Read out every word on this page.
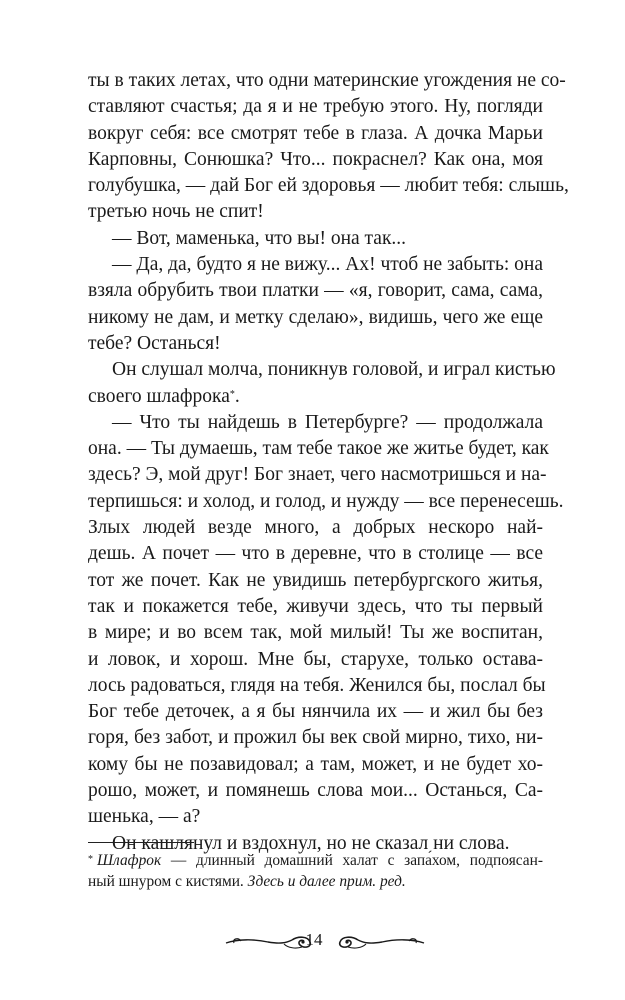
ты в таких летах, что одни материнские угождения не со-
ставляют счастья; да я и не требую этого. Ну, погляди
вокруг себя: все смотрят тебе в глаза. А дочка Марьи
Карповны, Сонюшка? Что... покраснел? Как она, моя
голубушка, — дай Бог ей здоровья — любит тебя: слышь,
третью ночь не спит!
— Вот, маменька, что вы! она так...
— Да, да, будто я не вижу... Ах! чтоб не забыть: она
взяла обрубить твои платки — «я, говорит, сама, сама,
никому не дам, и метку сделаю», видишь, чего же еще
тебе? Останься!
Он слушал молча, поникнув головой, и играл кистью
своего шлафрока*.
— Что ты найдешь в Петербурге? — продолжала
она. — Ты думаешь, там тебе такое же житье будет, как
здесь? Э, мой друг! Бог знает, чего насмотришься и на-
терпишься: и холод, и голод, и нужду — все перенесешь.
Злых людей везде много, а добрых нескоро най-
дешь. А почет — что в деревне, что в столице — все
тот же почет. Как не увидишь петербургского житья,
так и покажется тебе, живучи здесь, что ты первый
в мире; и во всем так, мой милый! Ты же воспитан,
и ловок, и хорош. Мне бы, старухе, только остава-
лось радоваться, глядя на тебя. Женился бы, послал бы
Бог тебе деточек, а я бы нянчила их — и жил бы без
горя, без забот, и прожил бы век свой мирно, тихо, ни-
кому бы не позавидовал; а там, может, и не будет хо-
рошо, может, и помянешь слова мои... Останься, Са-
шенька, — а?
Он кашлянул и вздохнул, но не сказал ни слова.
* Шлафрок — длинный домашний халат с запа́хом, подпоясан-
ный шнуром с кистями. Здесь и далее прим. ред.
14
